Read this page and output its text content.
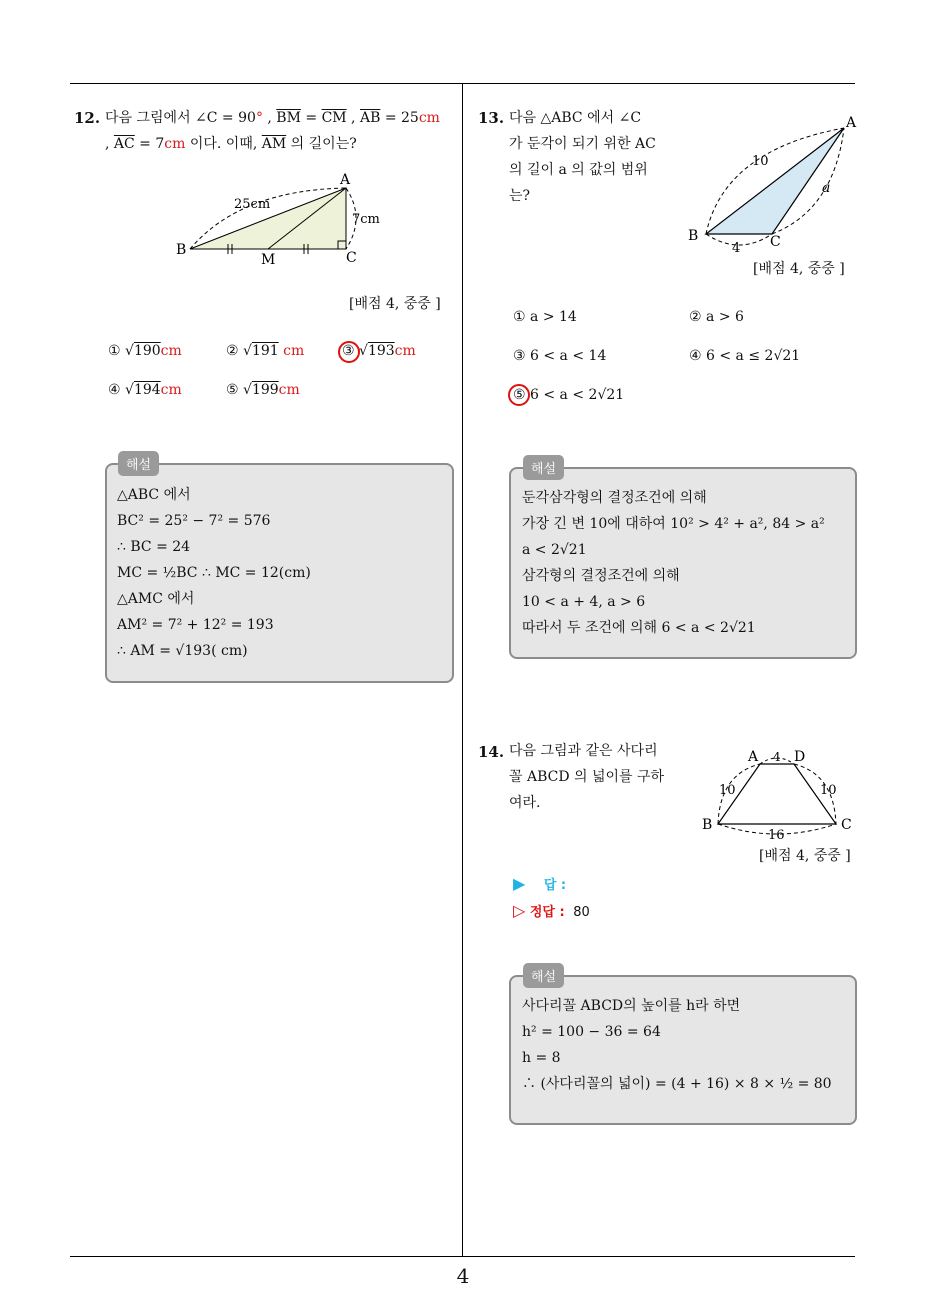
4
12. 다음 그림에서 ∠C = 90° , $\overline{BM} = \overline{CM}$ , $\overline{AB} = 25cm$
, $\overline{AC} = 7cm$ 이다. 이때, $\overline{AM}$ 의 길이는?
A
B	C
M
25cm
7cm
[배점 4, 중중 ]
① √190cm	② √191 cm	③ √193cm
④ √194cm	⑤ √199cm
해설
△ABC 에서
BC² = 25² − 7² = 576
∴ BC = 24
MC = ½BC ∴ MC = 12(cm)
△AMC 에서
AM² = 7² + 12² = 193
∴ AM = √193( cm)
13. 다음 △ABC 에서 ∠C
가 둔각이 되기 위한 AC
의 길이 a 의 값의 범위
는?
A
B	C
10
a
4
[배점 4, 중중 ]
① a > 14	② a > 6
③ 6 < a < 14	④ 6 < a ≤ 2√21
⑤ 6 < a < 2√21
해설
둔각삼각형의 결정조건에 의해
가장 긴 변 10에 대하여 10² > 4² + a², 84 > a²
a < 2√21
삼각형의 결정조건에 의해
10 < a + 4, a > 6
따라서 두 조건에 의해 6 < a < 2√21
14. 다음 그림과 같은 사다리
꼴 ABCD 의 넓이를 구하
여라.
A	D
B	C
4
10	10
16
[배점 4, 중중 ]
▶ 답 :
▷ 정답 : 80
해설
사다리꼴 ABCD의 높이를 h라 하면
h² = 100 − 36 = 64
h = 8
∴ (사다리꼴의 넓이) = (4 + 16) × 8 × ½ = 80
